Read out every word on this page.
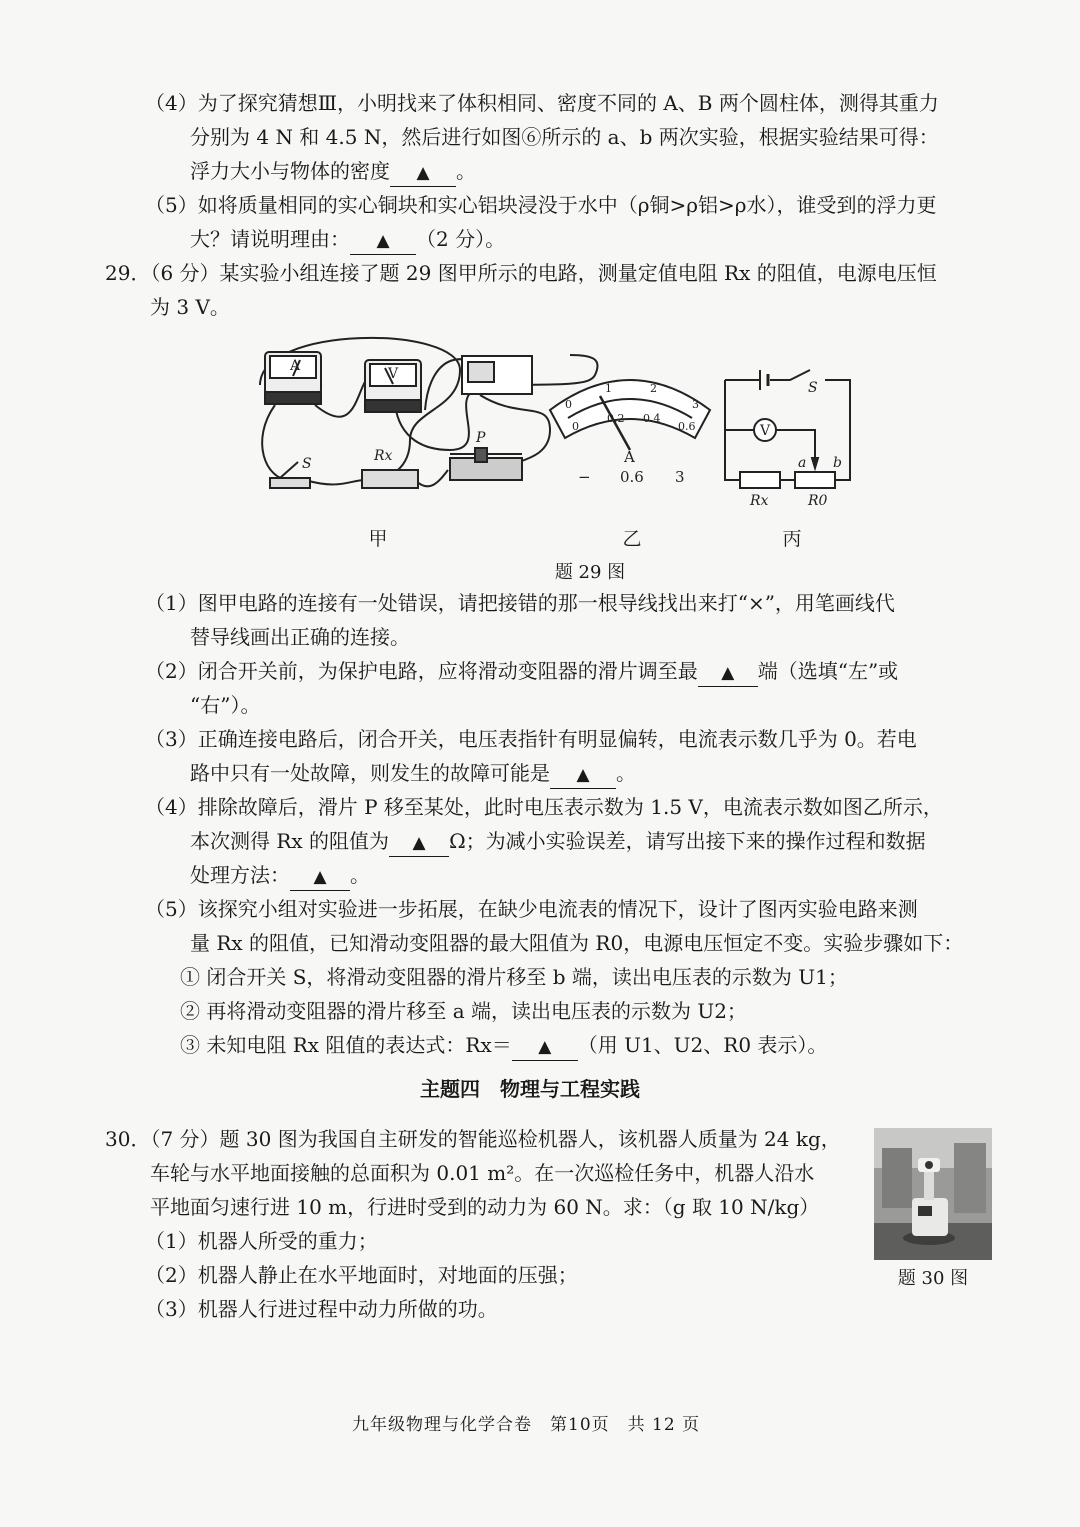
（4）为了探究猜想Ⅲ，小明找来了体积相同、密度不同的 A、B 两个圆柱体，测得其重力
分别为 4 N 和 4.5 N，然后进行如图⑥所示的 a、b 两次实验，根据实验结果可得：
浮力大小与物体的密度 ▲ 。
（5）如将质量相同的实心铜块和实心铝块浸没于水中（ρ铜>ρ铝>ρ水），谁受到的浮力更
大？请说明理由： ▲ （2 分）。
29．（6 分）某实验小组连接了题 29 图甲所示的电路，测量定值电阻 Rx 的阻值，电源电压恒
为 3 V。
A	V
S	Rx
P
0
1	2
3
0
0.2 0.4
0.6
A
− 0.6 3
S
V
a b
Rx	R0
甲	乙	丙
题 29 图
（1）图甲电路的连接有一处错误，请把接错的那一根导线找出来打“×”，用笔画线代
替导线画出正确的连接。
（2）闭合开关前，为保护电路，应将滑动变阻器的滑片调至最 ▲ 端（选填“左”或
“右”）。
（3）正确连接电路后，闭合开关，电压表指针有明显偏转，电流表示数几乎为 0。若电
路中只有一处故障，则发生的故障可能是 ▲ 。
（4）排除故障后，滑片 P 移至某处，此时电压表示数为 1.5 V，电流表示数如图乙所示，
本次测得 Rx 的阻值为 ▲ Ω；为减小实验误差，请写出接下来的操作过程和数据
处理方法： ▲ 。
（5）该探究小组对实验进一步拓展，在缺少电流表的情况下，设计了图丙实验电路来测
量 Rx 的阻值，已知滑动变阻器的最大阻值为 R0，电源电压恒定不变。实验步骤如下：
① 闭合开关 S，将滑动变阻器的滑片移至 b 端，读出电压表的示数为 U1；
② 再将滑动变阻器的滑片移至 a 端，读出电压表的示数为 U2；
③ 未知电阻 Rx 阻值的表达式：Rx＝ ▲ （用 U1、U2、R0 表示）。
主题四　物理与工程实践
30．（7 分）题 30 图为我国自主研发的智能巡检机器人，该机器人质量为 24 kg，
车轮与水平地面接触的总面积为 0.01 m²。在一次巡检任务中，机器人沿水
平地面匀速行进 10 m，行进时受到的动力为 60 N。求：（g 取 10 N/kg）
（1）机器人所受的重力；
（2）机器人静止在水平地面时，对地面的压强；
（3）机器人行进过程中动力所做的功。
题 30 图
九年级物理与化学合卷　第10页　共 12 页
